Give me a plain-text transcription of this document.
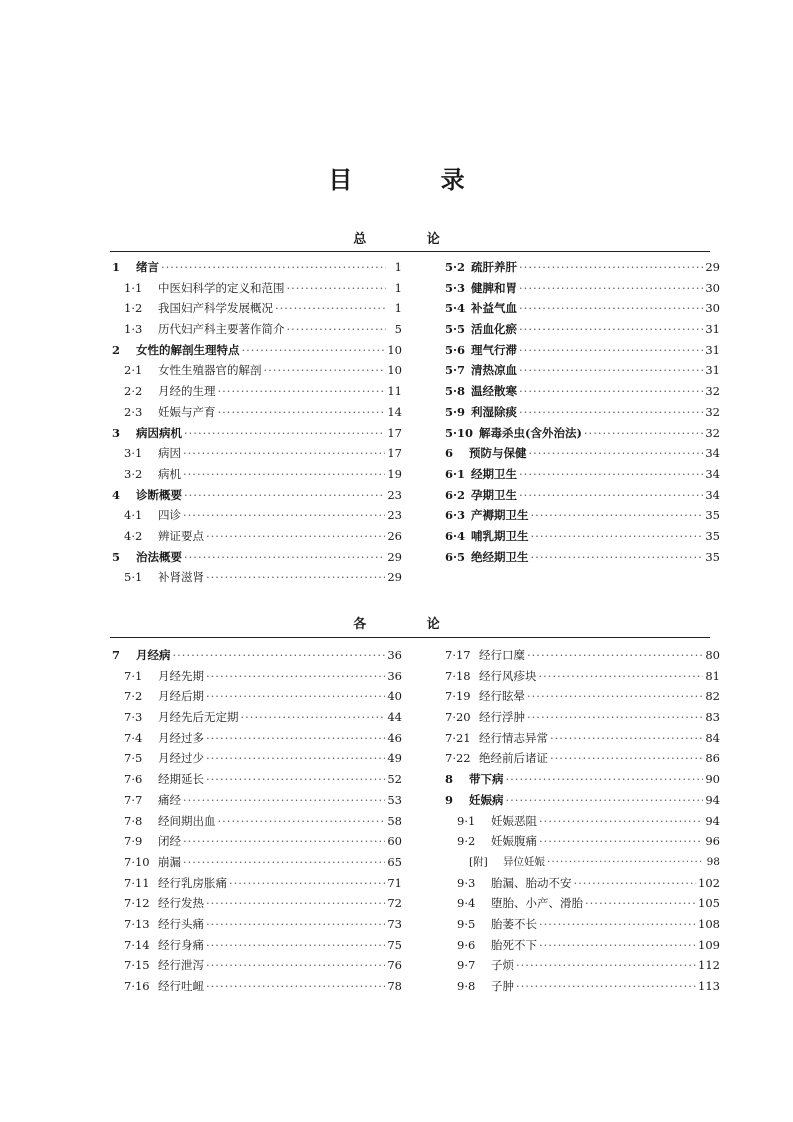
目 录
总 论
1	绪言 ·····	1
1·1	中医妇科学的定义和范围 ·····	1
1·2	我国妇产科学发展概况 ·····	1
1·3	历代妇产科主要著作简介 ·····	5
2	女性的解剖生理特点 ·····	10
2·1	女性生殖器官的解剖 ·····	10
2·2	月经的生理 ·····	11
2·3	妊娠与产育 ·····	14
3	病因病机 ·····	17
3·1	病因 ·····	17
3·2	病机 ·····	19
4	诊断概要 ·····	23
4·1	四诊 ·····	23
4·2	辨证要点 ·····	26
5	治法概要 ·····	29
5·1	补肾滋肾 ·····	29
5·2 疏肝养肝 ·····	29
5·3 健脾和胃 ·····	30
5·4 补益气血 ·····	30
5·5 活血化瘀 ·····	31
5·6 理气行滞 ·····	31
5·7 清热凉血 ·····	31
5·8 温经散寒 ·····	32
5·9 利湿除痰 ·····	32
5·10 解毒杀虫(含外治法) ·····	32
6	预防与保健 ·····	34
6·1 经期卫生 ·····	34
6·2 孕期卫生 ·····	34
6·3 产褥期卫生 ·····	35
6·4 哺乳期卫生 ·····	35
6·5 绝经期卫生 ·····	35
各 论
7	月经病 ·····	36
7·1	月经先期 ·····	36
7·2	月经后期 ·····	40
7·3	月经先后无定期 ·····	44
7·4	月经过多 ·····	46
7·5	月经过少 ·····	49
7·6	经期延长 ·····	52
7·7	痛经 ·····	53
7·8	经间期出血 ·····	58
7·9	闭经 ·····	60
7·10 崩漏 ·····	65
7·11 经行乳房胀痛 ·····	71
7·12 经行发热 ·····	72
7·13 经行头痛 ·····	73
7·14 经行身痛 ·····	75
7·15 经行泄泻 ·····	76
7·16 经行吐衄 ·····	78
7·17 经行口糜 ·····	80
7·18 经行风疹块 ·····	81
7·19 经行眩晕 ·····	82
7·20 经行浮肿 ·····	83
7·21 经行情志异常 ·····	84
7·22 绝经前后诸证 ·····	86
8	带下病 ·····	90
9	妊娠病 ·····	94
9·1	妊娠恶阻 ·····	94
9·2	妊娠腹痛 ·····	96
[附]	异位妊娠 ·····	98
9·3	胎漏、胎动不安 ·····	102
9·4	堕胎、小产、滑胎 ·····	105
9·5	胎萎不长 ·····	108
9·6	胎死不下 ·····	109
9·7	子烦 ·····	112
9·8	子肿 ·····	113
